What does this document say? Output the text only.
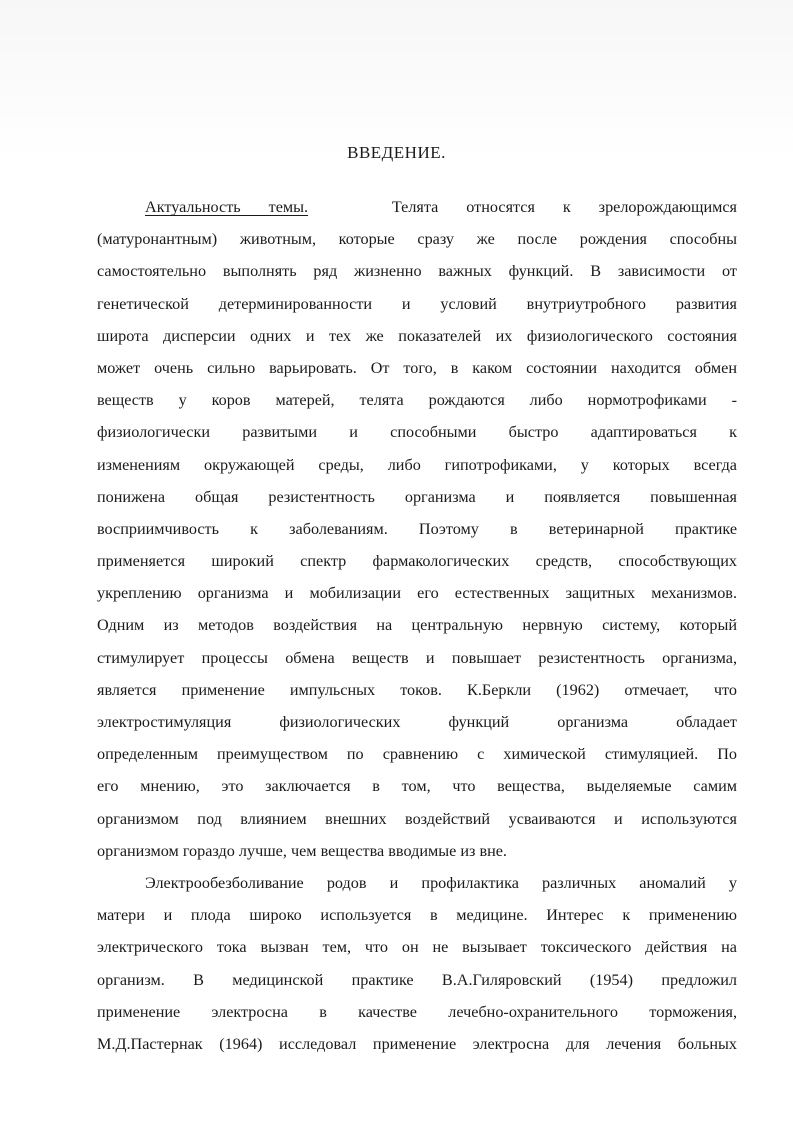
ВВЕДЕНИЕ.
Актуальность темы.	Телята относятся к зрелорождающимся
(матуронантным) животным, которые сразу же после рождения способны
самостоятельно выполнять ряд жизненно важных функций. В зависимости от
генетической детерминированности и условий внутриутробного развития
широта дисперсии одних и тех же показателей их физиологического состояния
может очень сильно варьировать. От того, в каком состоянии находится обмен
веществ у коров матерей, телята рождаются либо нормотрофиками -
физиологически развитыми и способными быстро адаптироваться к
изменениям окружающей среды, либо гипотрофиками, у которых всегда
понижена общая резистентность организма и появляется повышенная
восприимчивость к заболеваниям. Поэтому в ветеринарной практике
применяется широкий спектр фармакологических средств, способствующих
укреплению организма и мобилизации его естественных защитных механизмов.
Одним из методов воздействия на центральную нервную систему, который
стимулирует процессы обмена веществ и повышает резистентность организма,
является применение импульсных токов. К.Беркли (1962) отмечает, что
электростимуляция физиологических функций организма обладает
определенным преимуществом по сравнению с химической стимуляцией. По
его мнению, это заключается в том, что вещества, выделяемые самим
организмом под влиянием внешних воздействий усваиваются и используются
организмом гораздо лучше, чем вещества вводимые из вне.
Электрообезболивание родов и профилактика различных аномалий у
матери и плода широко используется в медицине. Интерес к применению
электрического тока вызван тем, что он не вызывает токсического действия на
организм. В медицинской практике В.А.Гиляровский (1954) предложил
применение электросна в качестве лечебно-охранительного торможения,
М.Д.Пастернак (1964) исследовал применение электросна для лечения больных
